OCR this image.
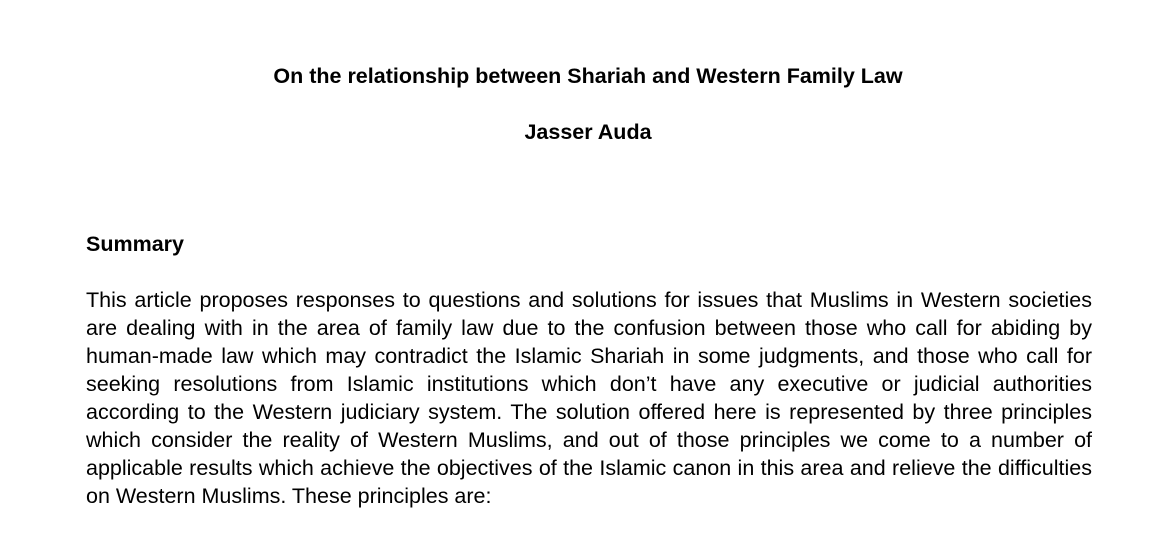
On the relationship between Shariah and Western Family Law
Jasser Auda
Summary

This article proposes responses to questions and solutions for issues that Muslims in Western societies are dealing with in the area of family law due to the confusion between those who call for abiding by human-made law which may contradict the Islamic Shariah in some judgments, and those who call for seeking resolutions from Islamic institutions which don’t have any executive or judicial authorities according to the Western judiciary system. The solution offered here is represented by three principles which consider the reality of Western Muslims, and out of those principles we come to a number of applicable results which achieve the objectives of the Islamic canon in this area and relieve the difficulties on Western Muslims. These principles are:
